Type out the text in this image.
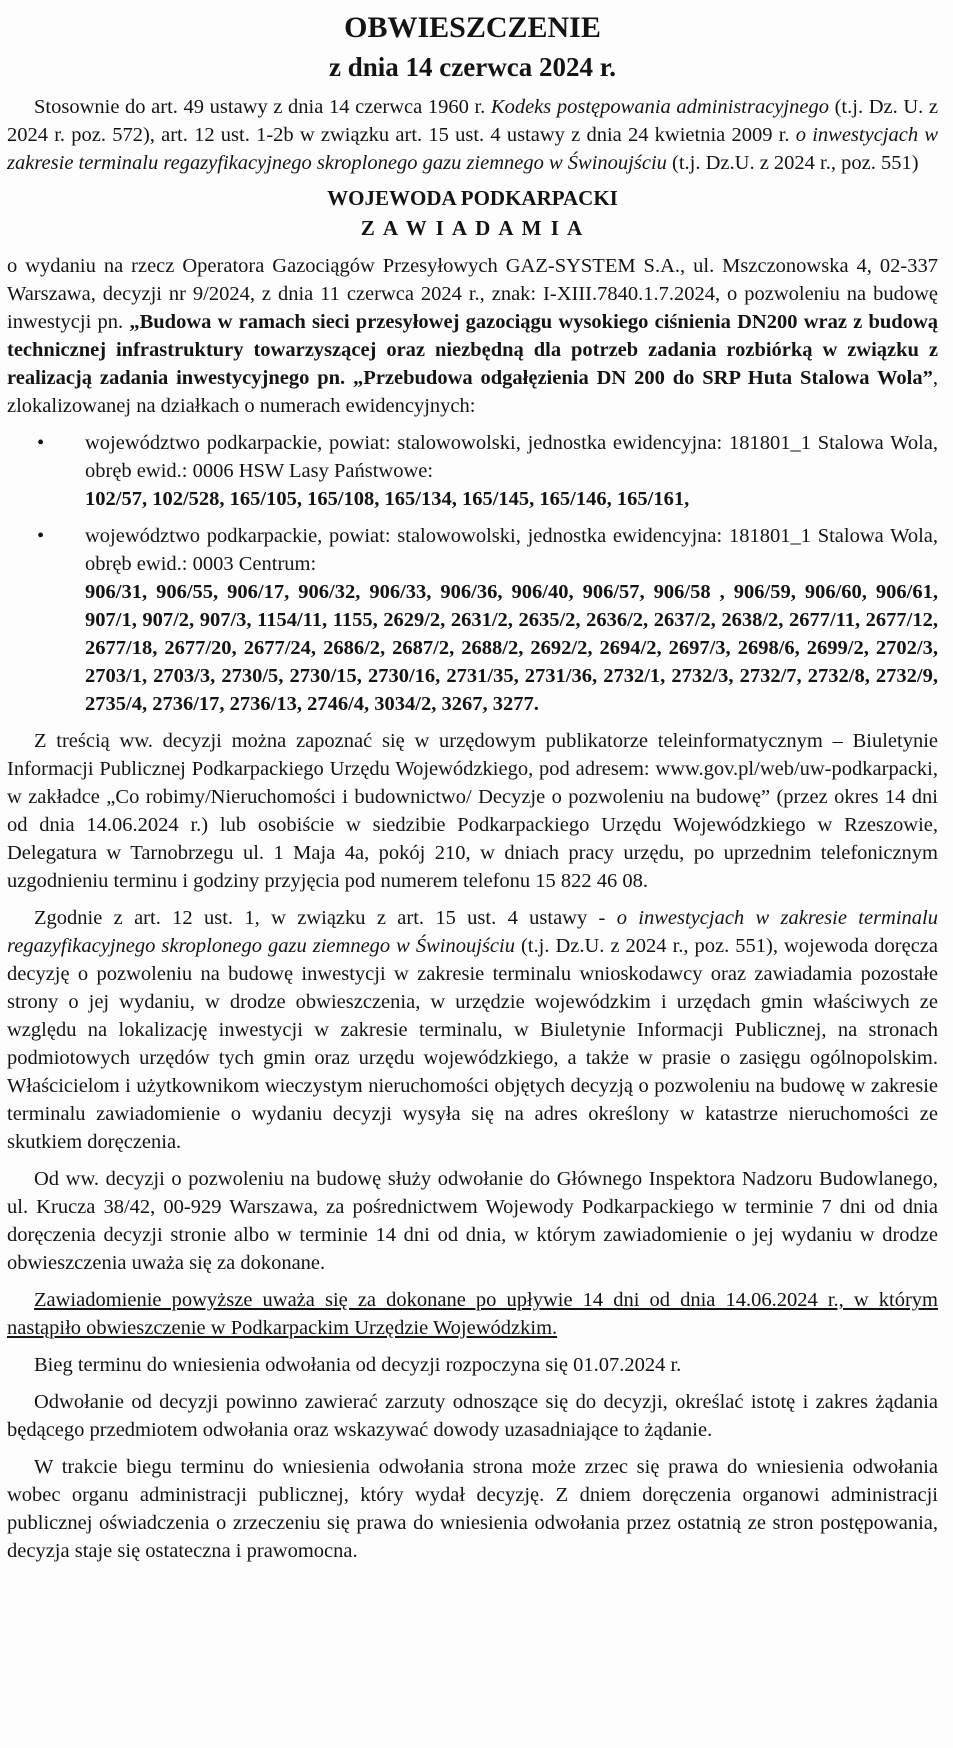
OBWIESZCZENIE
z dnia 14 czerwca 2024 r.

Stosownie do art. 49 ustawy z dnia 14 czerwca 1960 r. Kodeks postępowania administracyjnego (t.j. Dz. U. z 2024 r. poz. 572), art. 12 ust. 1-2b w związku art. 15 ust. 4 ustawy z dnia 24 kwietnia 2009 r. o inwestycjach w zakresie terminalu regazyfikacyjnego skroplonego gazu ziemnego w Świnoujściu (t.j. Dz.U. z 2024 r., poz. 551)

WOJEWODA PODKARPACKI
Z A W I A D A M I A

o wydaniu na rzecz Operatora Gazociągów Przesyłowych GAZ-SYSTEM S.A., ul. Mszczonowska 4, 02-337 Warszawa, decyzji nr 9/2024, z dnia 11 czerwca 2024 r., znak: I-XIII.7840.1.7.2024, o pozwoleniu na budowę inwestycji pn. „Budowa w ramach sieci przesyłowej gazociągu wysokiego ciśnienia DN200 wraz z budową technicznej infrastruktury towarzyszącej oraz niezbędną dla potrzeb zadania rozbiórką w związku z realizacją zadania inwestycyjnego pn. „Przebudowa odgałęzienia DN 200 do SRP Huta Stalowa Wola”, zlokalizowanej na działkach o numerach ewidencyjnych:

•	województwo podkarpackie, powiat: stalowowolski, jednostka ewidencyjna: 181801_1 Stalowa Wola, obręb ewid.: 0006 HSW Lasy Państwowe:
102/57, 102/528, 165/105, 165/108, 165/134, 165/145, 165/146, 165/161,
•	województwo podkarpackie, powiat: stalowowolski, jednostka ewidencyjna: 181801_1 Stalowa Wola, obręb ewid.: 0003 Centrum:
906/31, 906/55, 906/17, 906/32, 906/33, 906/36, 906/40, 906/57, 906/58 , 906/59, 906/60, 906/61, 907/1, 907/2, 907/3, 1154/11, 1155, 2629/2, 2631/2, 2635/2, 2636/2, 2637/2, 2638/2, 2677/11, 2677/12, 2677/18, 2677/20, 2677/24, 2686/2, 2687/2, 2688/2, 2692/2, 2694/2, 2697/3, 2698/6, 2699/2, 2702/3, 2703/1, 2703/3, 2730/5, 2730/15, 2730/16, 2731/35, 2731/36, 2732/1, 2732/3, 2732/7, 2732/8, 2732/9, 2735/4, 2736/17, 2736/13, 2746/4, 3034/2, 3267, 3277.

Z treścią ww. decyzji można zapoznać się w urzędowym publikatorze teleinformatycznym – Biuletynie Informacji Publicznej Podkarpackiego Urzędu Wojewódzkiego, pod adresem: www.gov.pl/web/uw-podkarpacki, w zakładce „Co robimy/Nieruchomości i budownictwo/ Decyzje o pozwoleniu na budowę” (przez okres 14 dni od dnia 14.06.2024 r.) lub osobiście w siedzibie Podkarpackiego Urzędu Wojewódzkiego w Rzeszowie, Delegatura w Tarnobrzegu ul. 1 Maja 4a, pokój 210, w dniach pracy urzędu, po uprzednim telefonicznym uzgodnieniu terminu i godziny przyjęcia pod numerem telefonu 15 822 46 08.

Zgodnie z art. 12 ust. 1, w związku z art. 15 ust. 4 ustawy - o inwestycjach w zakresie terminalu regazyfikacyjnego skroplonego gazu ziemnego w Świnoujściu (t.j. Dz.U. z 2024 r., poz. 551), wojewoda doręcza decyzję o pozwoleniu na budowę inwestycji w zakresie terminalu wnioskodawcy oraz zawiadamia pozostałe strony o jej wydaniu, w drodze obwieszczenia, w urzędzie wojewódzkim i urzędach gmin właściwych ze względu na lokalizację inwestycji w zakresie terminalu, w Biuletynie Informacji Publicznej, na stronach podmiotowych urzędów tych gmin oraz urzędu wojewódzkiego, a także w prasie o zasięgu ogólnopolskim. Właścicielom i użytkownikom wieczystym nieruchomości objętych decyzją o pozwoleniu na budowę w zakresie terminalu zawiadomienie o wydaniu decyzji wysyła się na adres określony w katastrze nieruchomości ze skutkiem doręczenia.

Od ww. decyzji o pozwoleniu na budowę służy odwołanie do Głównego Inspektora Nadzoru Budowlanego, ul. Krucza 38/42, 00-929 Warszawa, za pośrednictwem Wojewody Podkarpackiego w terminie 7 dni od dnia doręczenia decyzji stronie albo w terminie 14 dni od dnia, w którym zawiadomienie o jej wydaniu w drodze obwieszczenia uważa się za dokonane.

Zawiadomienie powyższe uważa się za dokonane po upływie 14 dni od dnia 14.06.2024 r., w którym nastąpiło obwieszczenie w Podkarpackim Urzędzie Wojewódzkim.

Bieg terminu do wniesienia odwołania od decyzji rozpoczyna się 01.07.2024 r.

Odwołanie od decyzji powinno zawierać zarzuty odnoszące się do decyzji, określać istotę i zakres żądania będącego przedmiotem odwołania oraz wskazywać dowody uzasadniające to żądanie.

W trakcie biegu terminu do wniesienia odwołania strona może zrzec się prawa do wniesienia odwołania wobec organu administracji publicznej, który wydał decyzję. Z dniem doręczenia organowi administracji publicznej oświadczenia o zrzeczeniu się prawa do wniesienia odwołania przez ostatnią ze stron postępowania, decyzja staje się ostateczna i prawomocna.
